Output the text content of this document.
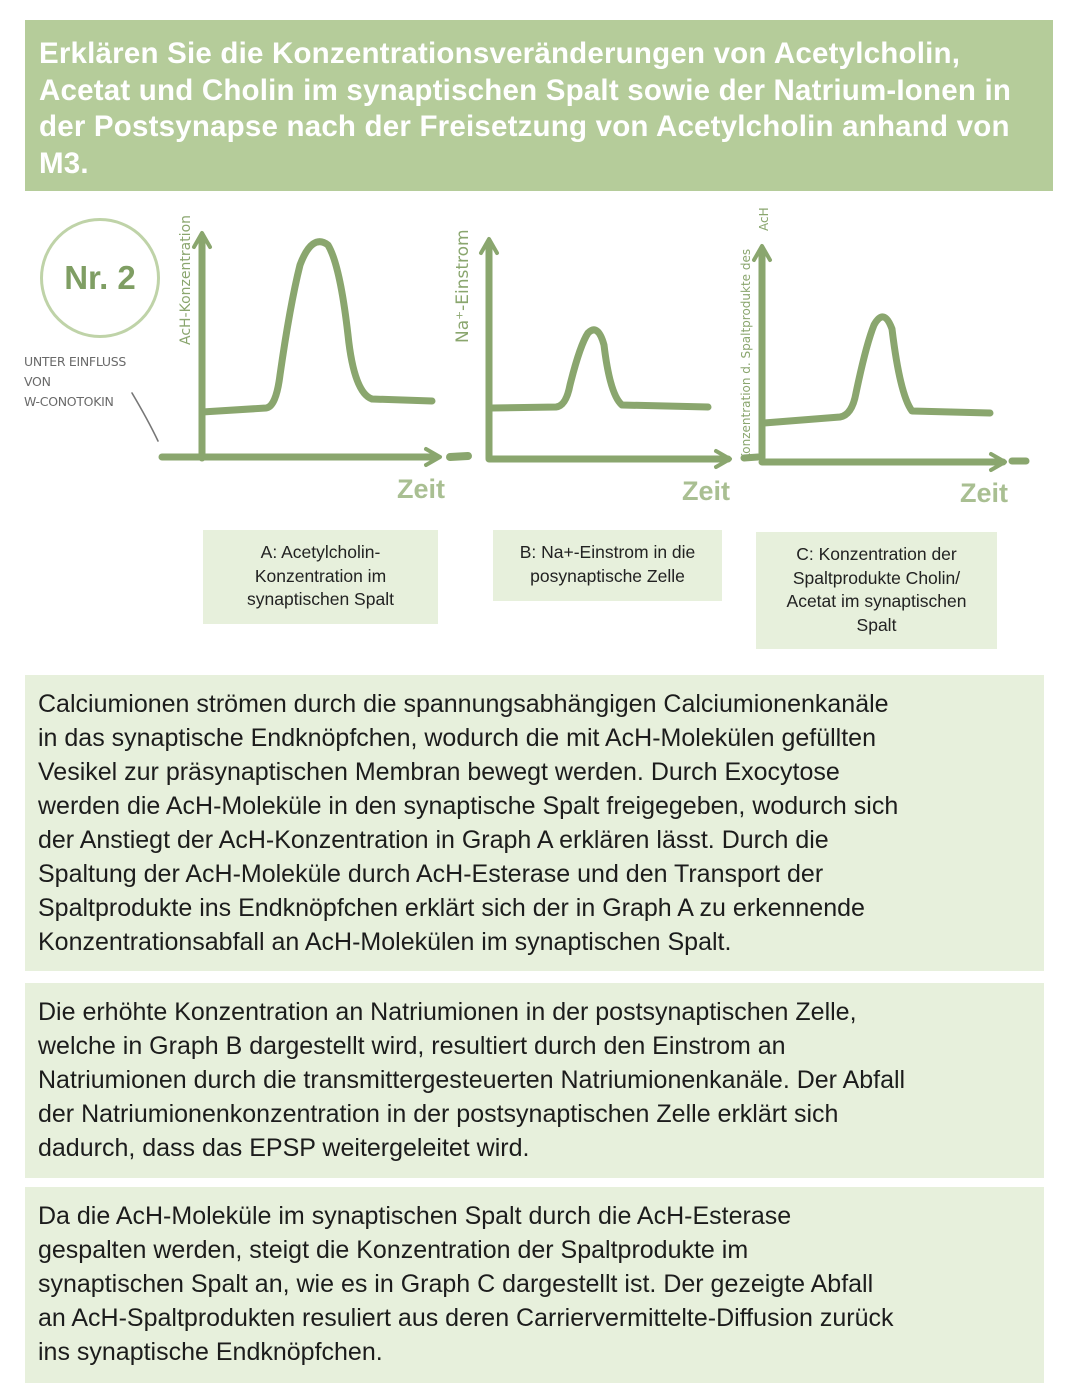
Erklären Sie die Konzentrationsveränderungen von Acetylcholin, Acetat und Cholin im synaptischen Spalt sowie der Natrium-Ionen in der Postsynapse nach der Freisetzung von Acetylcholin anhand von M3.
Nr. 2
UNTER EINFLUSS
VON
W-CONOTOKIN
AcH-Konzentration	Na⁺-Einstrom	Konzentration d. Spaltprodukte des
AcH
Zeit	Zeit	Zeit
A: Acetylcholin-
Konzentration im
synaptischen Spalt
B: Na+-Einstrom in die
posynaptische Zelle
C: Konzentration der
Spaltprodukte Cholin/
Acetat im synaptischen
Spalt
Calciumionen strömen durch die spannungsabhängigen Calciumionenkanäle
in das synaptische Endknöpfchen, wodurch die mit AcH-Molekülen gefüllten
Vesikel zur präsynaptischen Membran bewegt werden. Durch Exocytose
werden die AcH-Moleküle in den synaptische Spalt freigegeben, wodurch sich
der Anstiegt der AcH-Konzentration in Graph A erklären lässt. Durch die
Spaltung der AcH-Moleküle durch AcH-Esterase und den Transport der
Spaltprodukte ins Endknöpfchen erklärt sich der in Graph A zu erkennende
Konzentrationsabfall an AcH-Molekülen im synaptischen Spalt.
Die erhöhte Konzentration an Natriumionen in der postsynaptischen Zelle,
welche in Graph B dargestellt wird, resultiert durch den Einstrom an
Natriumionen durch die transmittergesteuerten Natriumionenkanäle. Der Abfall
der Natriumionenkonzentration in der postsynaptischen Zelle erklärt sich
dadurch, dass das EPSP weitergeleitet wird.
Da die AcH-Moleküle im synaptischen Spalt durch die AcH-Esterase
gespalten werden, steigt die Konzentration der Spaltprodukte im
synaptischen Spalt an, wie es in Graph C dargestellt ist. Der gezeigte Abfall
an AcH-Spaltprodukten resuliert aus deren Carriervermittelte-Diffusion zurück
ins synaptische Endknöpfchen.
